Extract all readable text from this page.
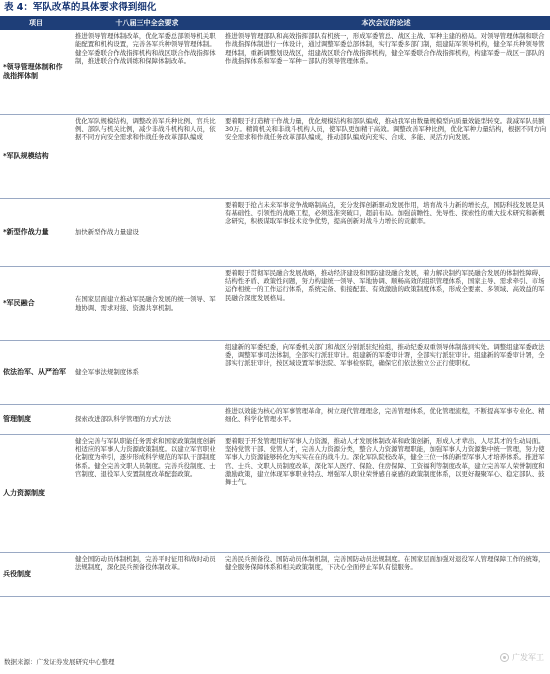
表 4：军队改革的具体要求得到细化
项目	十八届三中全会要求	本次会议的论述
*领导管理体制和作战指挥体制	推进领导管理体制改革，优化军委总部领导机关职能配置和机构设置，完善各军兵种领导管理体制。健全军委联合作战指挥机构和战区联合作战指挥体制，推进联合作战训练和保障体制改革。	推进领导管理部队和高效指挥部队有机统一，形成军委管总、战区主战、军种主建的格局。对领导管理体制和联合作战指挥体制进行一体设计，通过调整军委总部体制，实行军委多部门制，组建陆军领导机构，健全军兵种领导管理体制，重新调整划设战区，组建战区联合作战指挥机构，健全军委联合作战指挥机构，构建军委－战区－部队的作战指挥体系和军委－军种－部队的领导管理体系。
*军队规模结构	优化军队规模结构，调整改善军兵种比例、官兵比例、部队与机关比例，减少非战斗机构和人员，依据不同方向安全需求和作战任务改革部队编成	要着眼于打造精干作战力量，优化规模结构和部队编成，推动我军由数量规模型向质量效能型转变。裁减军队员额30万。精简机关和非战斗机构人员，使军队更加精干高效。调整改善军种比例，优化军种力量结构，根据不同方向安全需求和作战任务改革部队编成，推动部队编成向充实、合成、多能、灵活方向发展。
*新型作战力量	加快新型作战力量建设	要着眼于抢占未来军事竞争战略制高点，充分发挥创新驱动发展作用，培育战斗力新的增长点，国防科技发展是具有基础性、引领性的战略工程，必须选准突破口，超前布局。加强前瞻性、先导性、探索性的重大技术研究和新概念研究，积极谋取军事技术竞争优势，提高创新对战斗力增长的贡献率。
*军民融合	在国家层面建立推动军民融合发展的统一领导、军地协调、需求对接、资源共享机制。	要着眼于贯彻军民融合发展战略，推动经济建设和国防建设融合发展，着力解决制约军民融合发展的体制性障碍、结构性矛盾、政策性问题，努力构建统一领导、军地协调、顺畅高效的组织管理体系，国家主导、需求牵引、市场运作相统一的工作运行体系，系统完备、衔接配套、有效激励的政策制度体系，形成全要素、多领域、高效益的军民融合深度发展格局。
依法治军、从严治军	健全军事法规制度体系	组建新的军委纪委，向军委机关部门和战区分别派驻纪检组，推动纪委双重领导体制落到实处。调整组建军委政法委，调整军事司法体制，全部实行派驻审计。组建新的军委审计署，全部实行派驻审计。组建新的军委审计署，全部实行派驻审计，按区域设置军事法院、军事检察院，确保它们依法独立公正行使职权。
管理制度	探索改进部队科学管理的方式方法	推进以效能为核心的军事管理革命，树立现代管理理念，完善管理体系，优化管理流程，不断提高军事专业化、精细化、科学化管理水平。
人力资源制度	健全完善与军队职能任务需求和国家政策制度创新相适应的军事人力资源政策制度。以建立军官职业化制度为牵引，逐步形成科学规范的军队干部制度体系。健全完善文职人员制度。完善兵役制度、士官制度、退役军人安置制度改革配套政策。	要着眼于开发管理用好军事人力资源，推动人才发展体制改革和政策创新，形成人才辈出、人尽其才的生动局面。坚持党管干部、党管人才，完善人力资源分类，整合人力资源管理职能，加强军事人力资源集中统一管理，努力使军事人力资源能够转化为实实在在的战斗力。深化军队院校改革，健全三位一体的新型军事人才培养体系。推进军官、士兵、文职人员制度改革，深化军人医疗、保险、住房保障、工资福利等制度改革，建立完善军人荣誉制度和激励政策，建立体现军事职业特点、增强军人职业荣誉感自豪感的政策制度体系，以更好凝聚军心、稳定部队、鼓舞士气。
兵役制度	健全国防动员体制机制，完善平时征用和战时动员法规制度，深化民兵预备役体制改革。	完善民兵预备役、国防动员体制机制，完善国防动员法规制度。在国家层面加强对退役军人管理保障工作的统筹，健全服务保障体系和相关政策制度，下决心全面停止军队有偿服务。
数据来源：广发证券发展研究中心整理	广发军工
